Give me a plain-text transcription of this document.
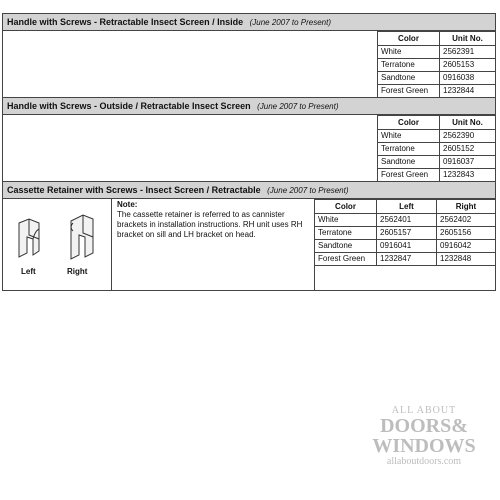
Handle with Screws - Retractable Insect Screen / Inside (June 2007 to Present)
Color	Unit No.
White	2562391
Terratone	2605153
Sandtone	0916038
Forest Green	1232844
Handle with Screws - Outside / Retractable Insect Screen (June 2007 to Present)
Color	Unit No.
White	2562390
Terratone	2605152
Sandtone	0916037
Forest Green	1232843
Cassette Retainer with Screws - Insect Screen / Retractable (June 2007 to Present)
Left	Right
Note:
The cassette retainer is referred to as cannister brackets in installation instructions. RH unit uses RH bracket on sill and LH bracket on head.
Color	Left	Right
White	2562401	2562402
Terratone	2605157	2605156
Sandtone	0916041	0916042
Forest Green	1232847	1232848
ALL ABOUT
DOORS&
WINDOWS
allaboutdoors.com
